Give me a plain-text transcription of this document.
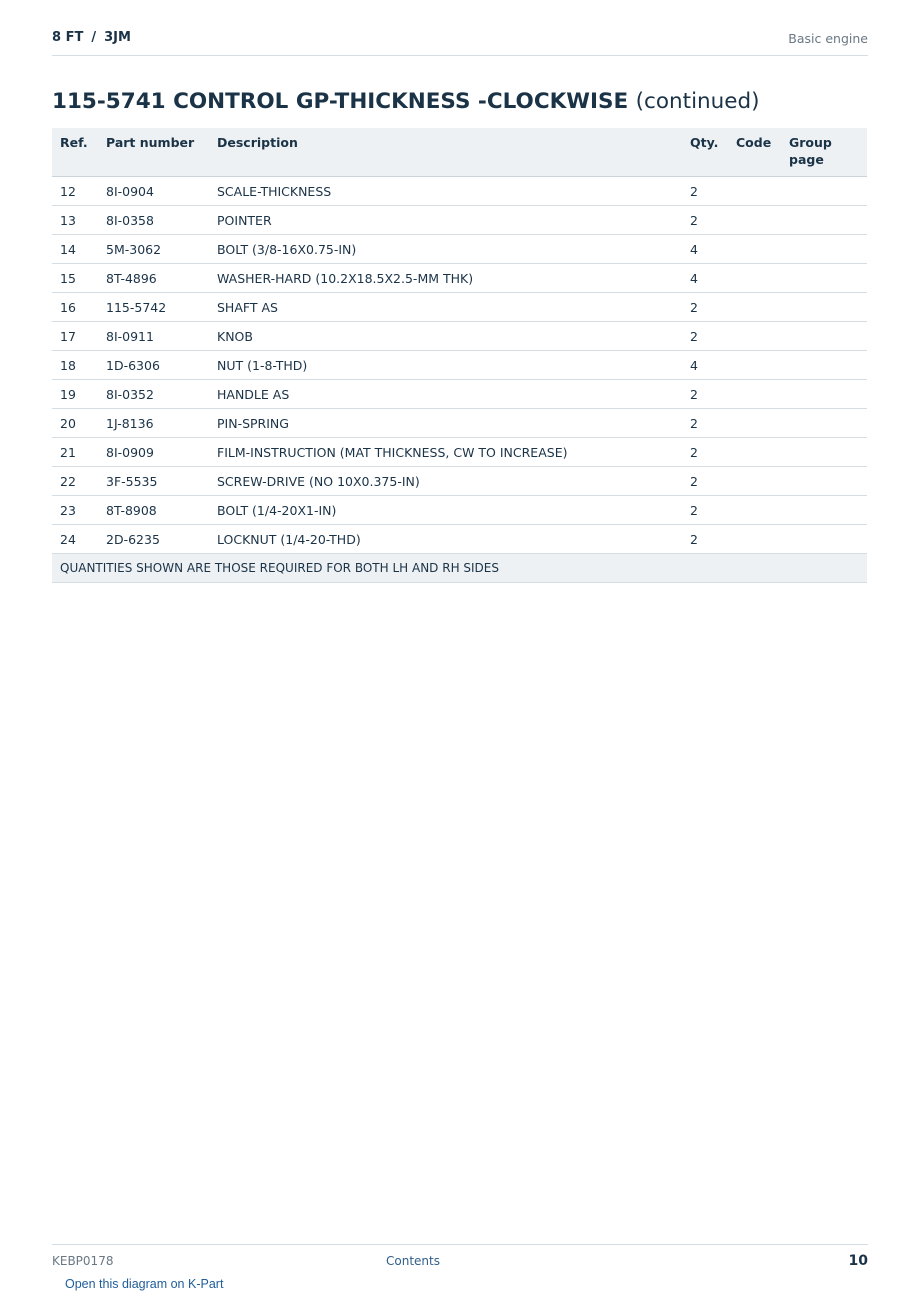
8 FT / 3JM	Basic engine
115-5741 CONTROL GP-THICKNESS -CLOCKWISE (continued)
Ref.	Part number	Description	Qty.	Code	Group page
12	8I-0904	SCALE-THICKNESS	2		
13	8I-0358	POINTER	2		
14	5M-3062	BOLT (3/8-16X0.75-IN)	4		
15	8T-4896	WASHER-HARD (10.2X18.5X2.5-MM THK)	4		
16	115-5742	SHAFT AS	2		
17	8I-0911	KNOB	2		
18	1D-6306	NUT (1-8-THD)	4		
19	8I-0352	HANDLE AS	2		
20	1J-8136	PIN-SPRING	2		
21	8I-0909	FILM-INSTRUCTION (MAT THICKNESS, CW TO INCREASE)	2		
22	3F-5535	SCREW-DRIVE (NO 10X0.375-IN)	2		
23	8T-8908	BOLT (1/4-20X1-IN)	2		
24	2D-6235	LOCKNUT (1/4-20-THD)	2		
QUANTITIES SHOWN ARE THOSE REQUIRED FOR BOTH LH AND RH SIDES					
KEBP0178	Contents	10
Open this diagram on K-Part
